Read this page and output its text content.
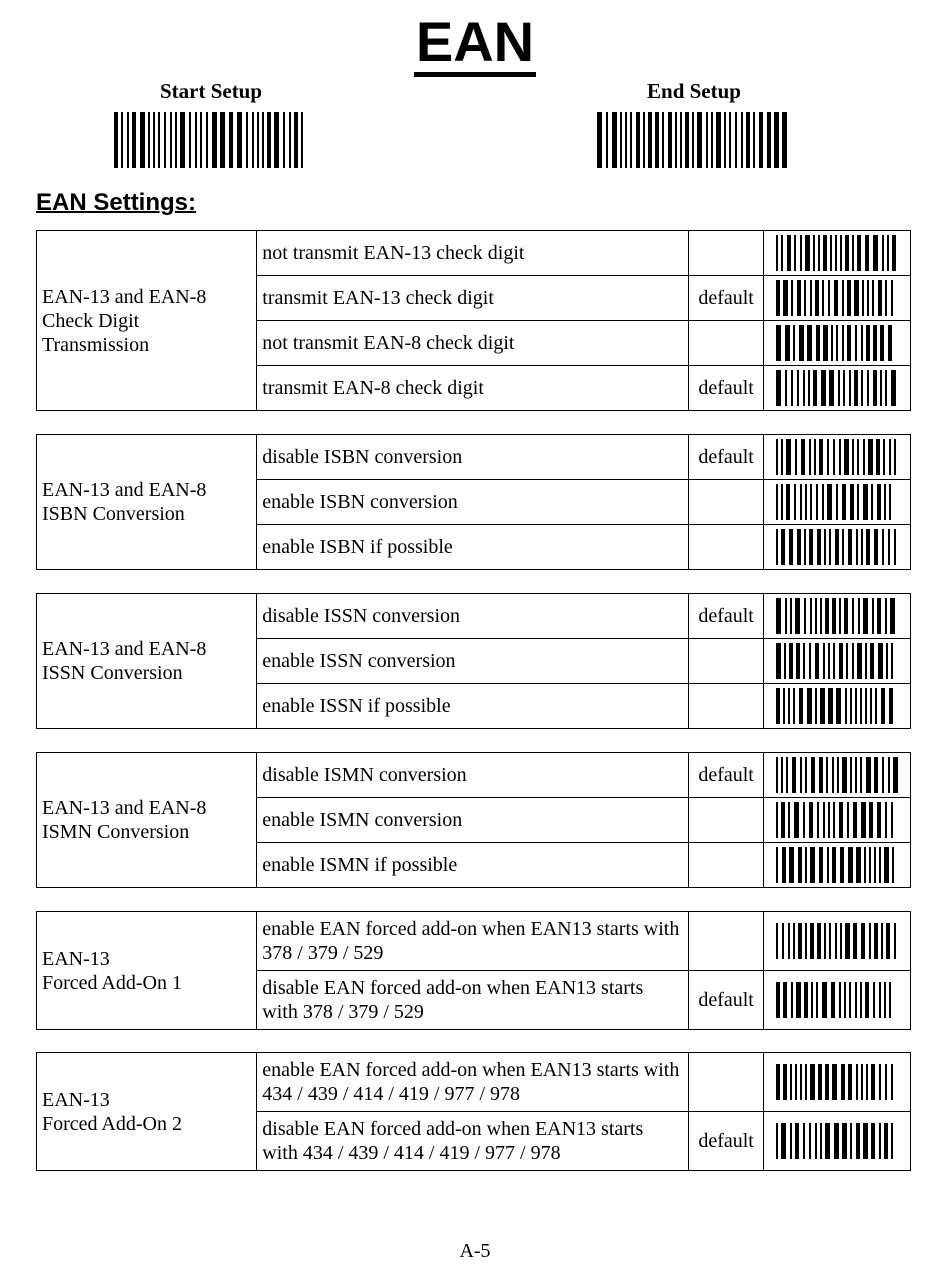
EAN
Start Setup	End Setup
EAN Settings:
EAN-13 and EAN-8
Check Digit
Transmission	not transmit EAN-13 check digit		

	transmit EAN-13 check digit	default	

	not transmit EAN-8 check digit		

	transmit EAN-8 check digit	default	
EAN-13 and EAN-8
ISBN Conversion	disable ISBN conversion	default	

	enable ISBN conversion		

	enable ISBN if possible		
EAN-13 and EAN-8
ISSN Conversion	disable ISSN conversion	default	

	enable ISSN conversion		

	enable ISSN if possible		
EAN-13 and EAN-8
ISMN Conversion	disable ISMN conversion	default	

	enable ISMN conversion		

	enable ISMN if possible		
EAN-13
Forced Add-On 1	enable EAN forced add-on when EAN13 starts with 378 / 379 / 529		

	disable EAN forced add-on when EAN13 starts with 378 / 379 / 529	default	
EAN-13
Forced Add-On 2	enable EAN forced add-on when EAN13 starts with 434 / 439 / 414 / 419 / 977 / 978		

	disable EAN forced add-on when EAN13 starts with 434 / 439 / 414 / 419 / 977 / 978	default	
A-5
